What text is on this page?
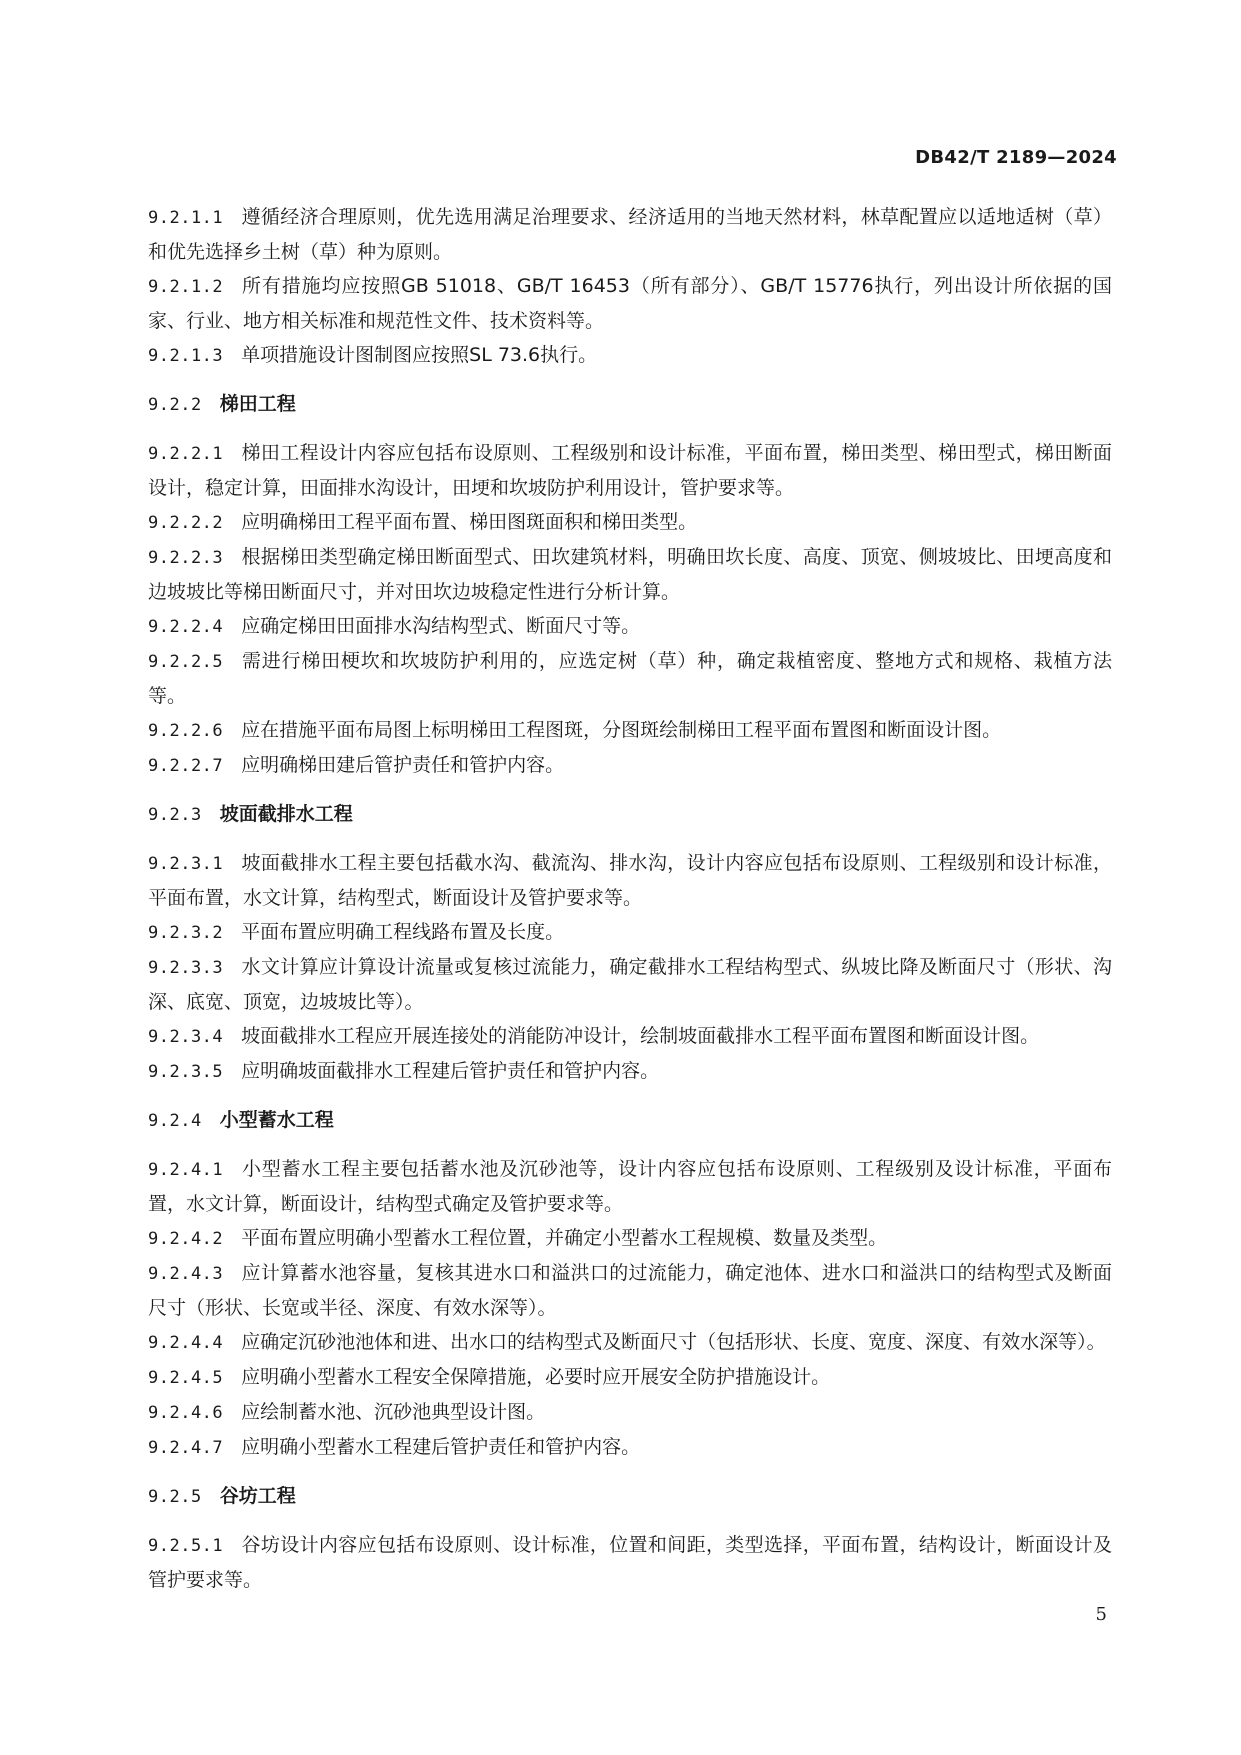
DB42/T 2189—2024
9.2.1.1 遵循经济合理原则，优先选用满足治理要求、经济适用的当地天然材料，林草配置应以适地适树（草）和优先选择乡土树（草）种为原则。
9.2.1.2 所有措施均应按照GB 51018、GB/T 16453（所有部分）、GB/T 15776执行，列出设计所依据的国家、行业、地方相关标准和规范性文件、技术资料等。
9.2.1.3 单项措施设计图制图应按照SL 73.6执行。
9.2.2 梯田工程
9.2.2.1 梯田工程设计内容应包括布设原则、工程级别和设计标准，平面布置，梯田类型、梯田型式，梯田断面设计，稳定计算，田面排水沟设计，田埂和坎坡防护利用设计，管护要求等。
9.2.2.2 应明确梯田工程平面布置、梯田图斑面积和梯田类型。
9.2.2.3 根据梯田类型确定梯田断面型式、田坎建筑材料，明确田坎长度、高度、顶宽、侧坡坡比、田埂高度和边坡坡比等梯田断面尺寸，并对田坎边坡稳定性进行分析计算。
9.2.2.4 应确定梯田田面排水沟结构型式、断面尺寸等。
9.2.2.5 需进行梯田梗坎和坎坡防护利用的，应选定树（草）种，确定栽植密度、整地方式和规格、栽植方法等。
9.2.2.6 应在措施平面布局图上标明梯田工程图斑，分图斑绘制梯田工程平面布置图和断面设计图。
9.2.2.7 应明确梯田建后管护责任和管护内容。
9.2.3 坡面截排水工程
9.2.3.1 坡面截排水工程主要包括截水沟、截流沟、排水沟，设计内容应包括布设原则、工程级别和设计标准，平面布置，水文计算，结构型式，断面设计及管护要求等。
9.2.3.2 平面布置应明确工程线路布置及长度。
9.2.3.3 水文计算应计算设计流量或复核过流能力，确定截排水工程结构型式、纵坡比降及断面尺寸（形状、沟深、底宽、顶宽，边坡坡比等）。
9.2.3.4 坡面截排水工程应开展连接处的消能防冲设计，绘制坡面截排水工程平面布置图和断面设计图。
9.2.3.5 应明确坡面截排水工程建后管护责任和管护内容。
9.2.4 小型蓄水工程
9.2.4.1 小型蓄水工程主要包括蓄水池及沉砂池等，设计内容应包括布设原则、工程级别及设计标准，平面布置，水文计算，断面设计，结构型式确定及管护要求等。
9.2.4.2 平面布置应明确小型蓄水工程位置，并确定小型蓄水工程规模、数量及类型。
9.2.4.3 应计算蓄水池容量，复核其进水口和溢洪口的过流能力，确定池体、进水口和溢洪口的结构型式及断面尺寸（形状、长宽或半径、深度、有效水深等）。
9.2.4.4 应确定沉砂池池体和进、出水口的结构型式及断面尺寸（包括形状、长度、宽度、深度、有效水深等）。
9.2.4.5 应明确小型蓄水工程安全保障措施，必要时应开展安全防护措施设计。
9.2.4.6 应绘制蓄水池、沉砂池典型设计图。
9.2.4.7 应明确小型蓄水工程建后管护责任和管护内容。
9.2.5 谷坊工程
9.2.5.1 谷坊设计内容应包括布设原则、设计标准，位置和间距，类型选择，平面布置，结构设计，断面设计及管护要求等。
5
